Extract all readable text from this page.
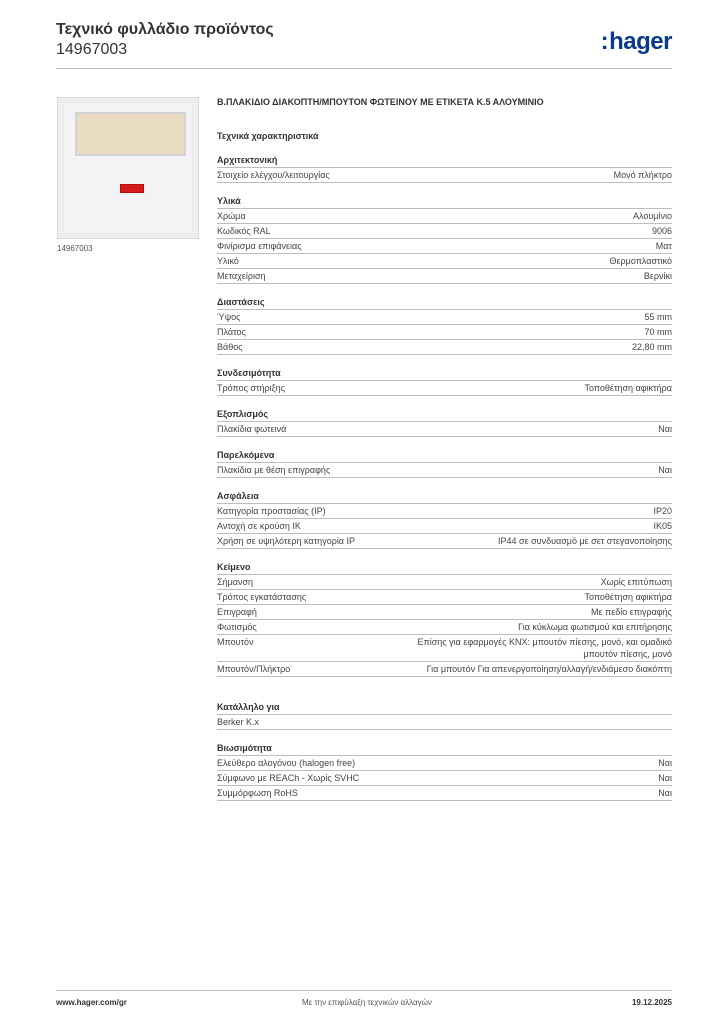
Τεχνικό φυλλάδιο προϊόντος
14967003	:hager
14967003
Β.ΠΛΑΚΙΔΙΟ ΔΙΑΚΟΠΤΗ/ΜΠΟΥΤΟΝ ΦΩΤΕΙΝΟΥ ΜΕ ΕΤΙΚΕΤΑ Κ.5 ΑΛΟΥΜΙΝΙΟ
Τεχνικά χαρακτηριστικά
Αρχιτεκτονική
Στοιχείο ελέγχου/λειτουργίας	Μονό πλήκτρο
Υλικά
Χρώμα	Αλουμίνιο
Κωδικός RAL	9006
Φινίρισμα επιφάνειας	Ματ
Υλικό	Θερμοπλαστικό
Μεταχείριση	Βερνίκι
Διαστάσεις
Ύψος	55 mm
Πλάτος	70 mm
Βάθος	22,80 mm
Συνδεσιμότητα
Τρόπος στήριξης	Τοποθέτηση αφικτήρα
Εξοπλισμός
Πλακίδια φωτεινά	Ναι
Παρελκόμενα
Πλακίδια με θέση επιγραφής	Ναι
Ασφάλεια
Κατηγορία προστασίας (IP)	IP20
Αντοχή σε κρούση IK	IK05
Χρήση σε υψηλότερη κατηγορία IP	IP44 σε συνδυασμό με σετ στεγανοποίησης
Κείμενο
Σήμανση	Χωρίς επιτύπωση
Τρόπος εγκατάστασης	Τοποθέτηση αφικτήρα
Επιγραφή	Με πεδίο επιγραφής
Φωτισμός	Για κύκλωμα φωτισμού και επιτήρησης
Μπουτόν	Επίσης για εφαρμογές KNX: μπουτόν πίεσης, μονό, και ομαδικό μπουτόν πίεσης, μονό
Μπουτόν/Πλήκτρο	Για μπουτόν Για απενεργοποίηση/αλλαγή/ενδιάμεσο διακόπτη
Κατάλληλο για
Berker K.x
Βιωσιμότητα
Ελεύθερο αλογόνου (halogen free)	Ναι
Σύμφωνο με REACh - Χωρίς SVHC	Ναι
Συμμόρφωση RoHS	Ναι
www.hager.com/gr	Με την επιφύλαξη τεχνικών αλλαγών	19.12.2025
